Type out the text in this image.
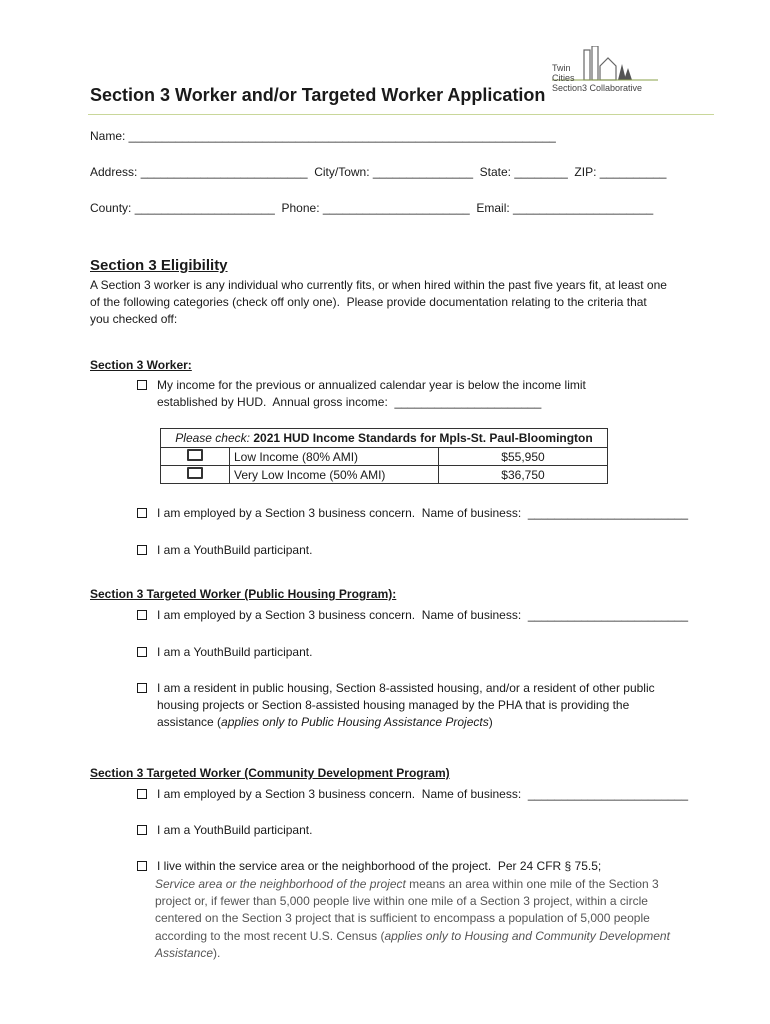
Twin
Cities
Section3 Collaborative
Section 3 Worker and/or Targeted Worker Application
Name: ________________________________________________________________
Address: _________________________  City/Town: _______________  State: ________  ZIP: __________
County: _____________________  Phone: ______________________  Email: _____________________
Section 3 Eligibility
A Section 3 worker is any individual who currently fits, or when hired within the past five years fit, at least one
of the following categories (check off only one).  Please provide documentation relating to the criteria that
you checked off:
Section 3 Worker:
My income for the previous or annualized calendar year is below the income limit
established by HUD.  Annual gross income:  ______________________
Please check: 2021 HUD Income Standards for Mpls-St. Paul-Bloomington		
	Low Income (80% AMI)	$55,950
	Very Low Income (50% AMI)	$36,750
I am employed by a Section 3 business concern.  Name of business:  ________________________
I am a YouthBuild participant.
Section 3 Targeted Worker (Public Housing Program):
I am employed by a Section 3 business concern.  Name of business:  ________________________
I am a YouthBuild participant.
I am a resident in public housing, Section 8-assisted housing, and/or a resident of other public
housing projects or Section 8-assisted housing managed by the PHA that is providing the
assistance (applies only to Public Housing Assistance Projects)
Section 3 Targeted Worker (Community Development Program)
I am employed by a Section 3 business concern.  Name of business:  ________________________
I am a YouthBuild participant.
I live within the service area or the neighborhood of the project.  Per 24 CFR § 75.5;
Service area or the neighborhood of the project means an area within one mile of the Section 3
project or, if fewer than 5,000 people live within one mile of a Section 3 project, within a circle
centered on the Section 3 project that is sufficient to encompass a population of 5,000 people
according to the most recent U.S. Census (applies only to Housing and Community Development
Assistance).
